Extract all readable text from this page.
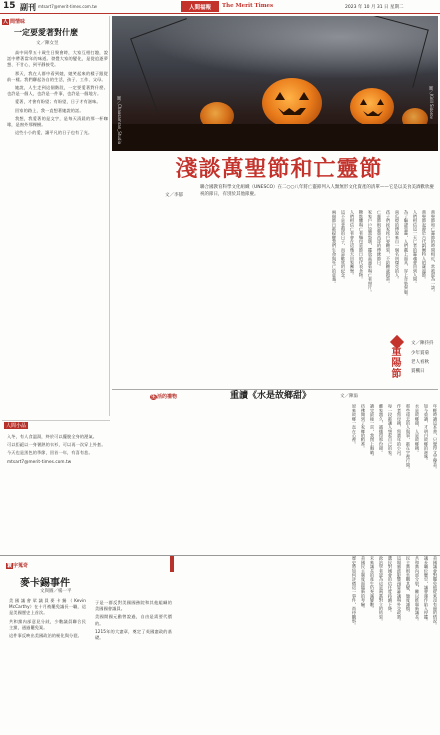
15 副刊 mtsart7@merit-times.com.tw	人間福報	The Merit Times	2023 年 10 月 31 日 星期二
人 間情味
一定要愛著對什麼
文／陳女昱

高中同學五十歲生日聚會時，大家互相打趣，說話中帶著當年的味道。發覺大家的變化，是從追逐夢想、不甘心，到平靜接受。

那天，我在人群中看到她，她笑起來的樣子跟從前一樣。我們聊起各自的生活，孩子、工作、父母。

她說，人生走到這個階段，一定要愛著對什麼。也許是一個人，也許是一件事，也許是一個地方。

愛著，才會有盼望；有盼望，日子才有滋味。

回家的路上，我一直想著她說的話。

我想，我愛著的是文字，是每天清晨的那一杯咖啡，是窗外那棵樹。

這些小小的愛，讓平凡的日子也有了光。	圖／Chaosamran_Studio	圖／Kirill Sidorov
淺談萬聖節和亡靈節
文／李郁
聯合國教育科學文化組織（UNESCO）在二○○八年將亡靈節列入人類無形文化資產的清單——它是以美食美酒歡欣慶祝的節日，有別於其他節慶。

萬聖節和亡靈節的時間相近，常被混為一談。

萬聖節起源於古代凱爾特人的薩溫節。

人們相信這一天亡者的靈魂會回到人間。

為了驅趕惡靈，人們戴上面具、穿上奇裝異服。

南瓜燈的傳說來自一個名叫傑克的人。

孩子們挨家挨戶要糖果，不給糖就搗蛋。

亡靈節則是墨西哥的傳統節日。

家家戶戶設置祭壇，擺放萬壽菊與亡者照片。

糖骷髏與亡者麵包是節日的代表食物。

人們相信亡者會在這幾天回家團聚。

這不是悲傷的日子，而是歡欣的紀念。

兩個節日都提醒我們生命與死亡的意義。

重陽節
文／陳抖抖
少年賞菊
老人看秋
賞楓日
生活的禮物	重讀《水是故鄉甜》	文／陳溢

年輕時讀這本書，只覺得文字優美。

如今重讀，才明白故鄉的滋味。

水是故鄉甜，人是故鄉親。

那些遠去的人與事，都在字裡行間。

作者寫母親，寫童年的小河。

每一段都讓人想起自己的家。

離家越久，越懂得那份甜。

讀完最後一頁，我閉上眼睛。

彷彿聞到了家鄉的稻香。

原來故鄉一直在心裡。

人間小品

入冬，有人食溫湯，終於可以擺脫全身的溼氣。

可以拒絕以一身暑熱的衣衫，可以再一次穿上外套。

今天也是黑色的季節，回首一年，有喜有悲。

mtsart7@merit-times.com.tw

寰宇蒐奇
麥卡錫事件
文與圖／楊一平

美國議會眾議員麥卡錫（Kevin McCarthy）在十月被罷免議長一職，這是美國歷史上首次。

共和黨內部意見分歧，少數議員聯合民主黨，通過罷免案。

這件事反映出美國政治的極化與分裂。

子是一群反對美國國務院和其他組織的美國國會議員。

美國開國元勳曾說過，自由是需要代價的。

1215年的大憲章，奠定了英國憲政的基礎。

美國議會對罷免他從來沒有過的情況。

議長職位懸空，議會運作陷入停擺。

共和黨內部分裂，難以推舉新議長。

民主黨則坐觀其變，態度謹慎。

這場風波影響預算審議與外交政策。

選民對國會的信任度持續下降。

政治學者認為這是兩黨對立的結果。

未來議長的產生仍充滿變數。

美國民主制度面臨新的考驗。

歷史將如何評價這一事件，尚待觀察。
